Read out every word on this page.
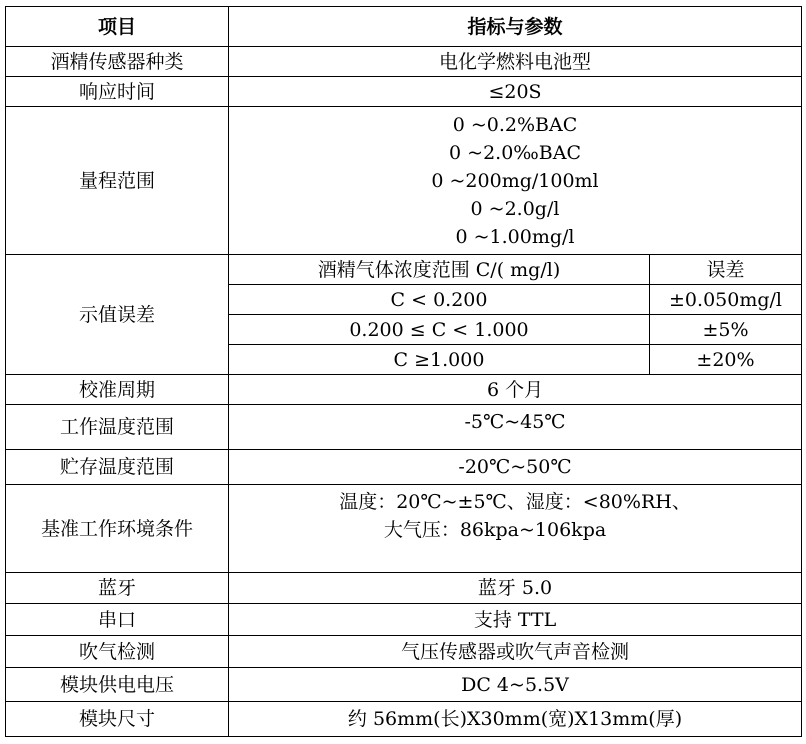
项目	指标与参数	
酒精传感器种类	电化学燃料电池型	
响应时间	≤20S	
量程范围	0 ~0.2%BAC
0 ~2.0‰BAC
0 ~200mg/100ml
0 ~2.0g/l
0 ~1.00mg/l	

示值误差	酒精气体浓度范围 C/( mg/l)	误差
	C < 0.200	±0.050mg/l
	0.200 ≤ C < 1.000	±5%
	C ≥1.000	±20%
校准周期	6 个月	
工作温度范围	-5℃~45℃	
贮存温度范围	-20℃~50℃	
基准工作环境条件	温度：20℃~±5℃、湿度：<80%RH、
大气压：86kpa~106kpa	

蓝牙	蓝牙 5.0	
串口	支持 TTL	
吹气检测	气压传感器或吹气声音检测	
模块供电电压	DC 4~5.5V	
模块尺寸	约 56mm(长)X30mm(宽)X13mm(厚)	
